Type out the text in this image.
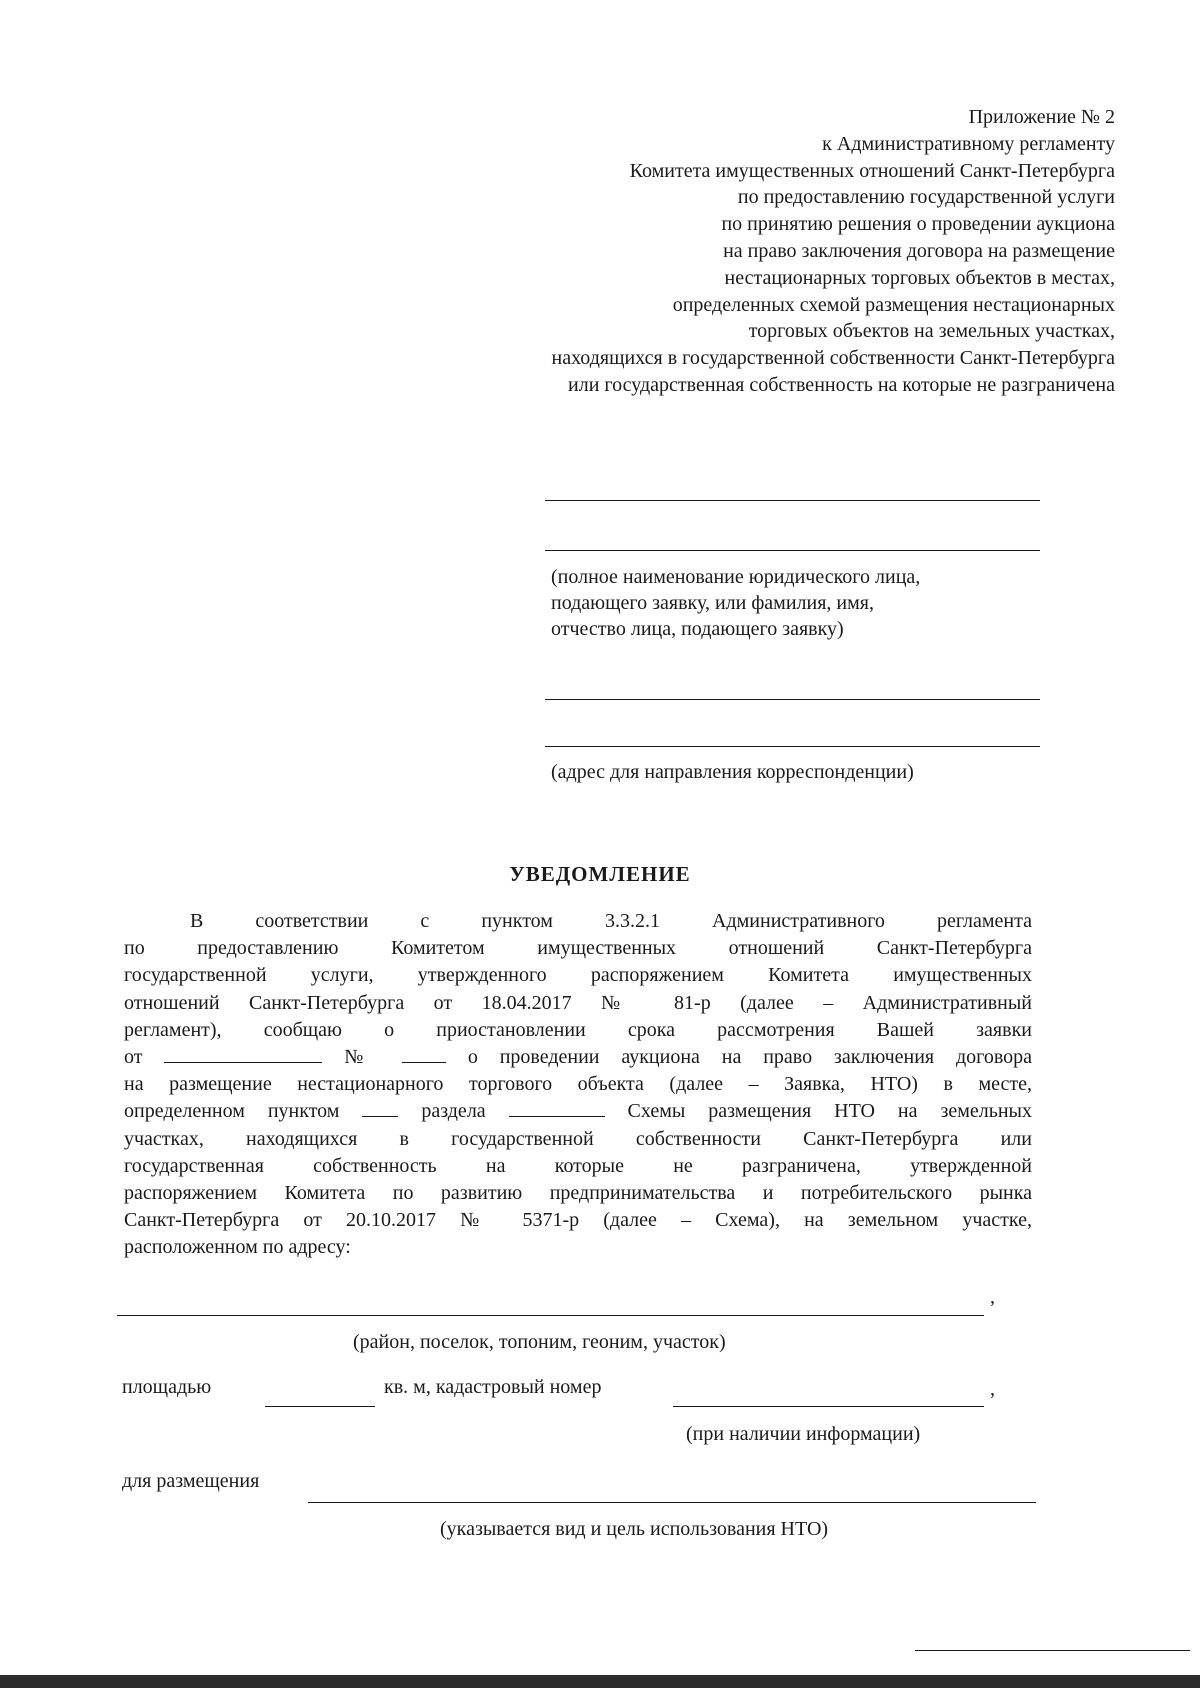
Приложение № 2
к Административному регламенту
Комитета имущественных отношений Санкт-Петербурга
по предоставлению государственной услуги
по принятию решения о проведении аукциона
на право заключения договора на размещение
нестационарных торговых объектов в местах,
определенных схемой размещения нестационарных
торговых объектов на земельных участках,
находящихся в государственной собственности Санкт-Петербурга
или государственная собственность на которые не разграничена
(полное наименование юридического лица,
подающего заявку, или фамилия, имя,
отчество лица, подающего заявку)
(адрес для направления корреспонденции)
УВЕДОМЛЕНИЕ
В соответствии с пунктом 3.3.2.1 Административного регламента
по предоставлению Комитетом имущественных отношений Санкт-Петербурга
государственной услуги, утвержденного распоряжением Комитета имущественных
отношений Санкт-Петербурга от 18.04.2017 № 81-р (далее – Административный
регламент), сообщаю о приостановлении срока рассмотрения Вашей заявки
от	№	о проведении аукциона на право заключения договора
на размещение нестационарного торгового объекта (далее – Заявка, НТО) в месте,
определенном пунктом	раздела	Схемы размещения НТО на земельных
участках, находящихся в государственной собственности Санкт-Петербурга или
государственная собственность на которые не разграничена, утвержденной
распоряжением Комитета по развитию предпринимательства и потребительского рынка
Санкт-Петербурга от 20.10.2017 № 5371-р (далее – Схема), на земельном участке,
расположенном по адресу:
,
(район, поселок, топоним, геоним, участок)
площадью	кв. м, кадастровый номер	,
(при наличии информации)
для размещения
(указывается вид и цель использования НТО)
